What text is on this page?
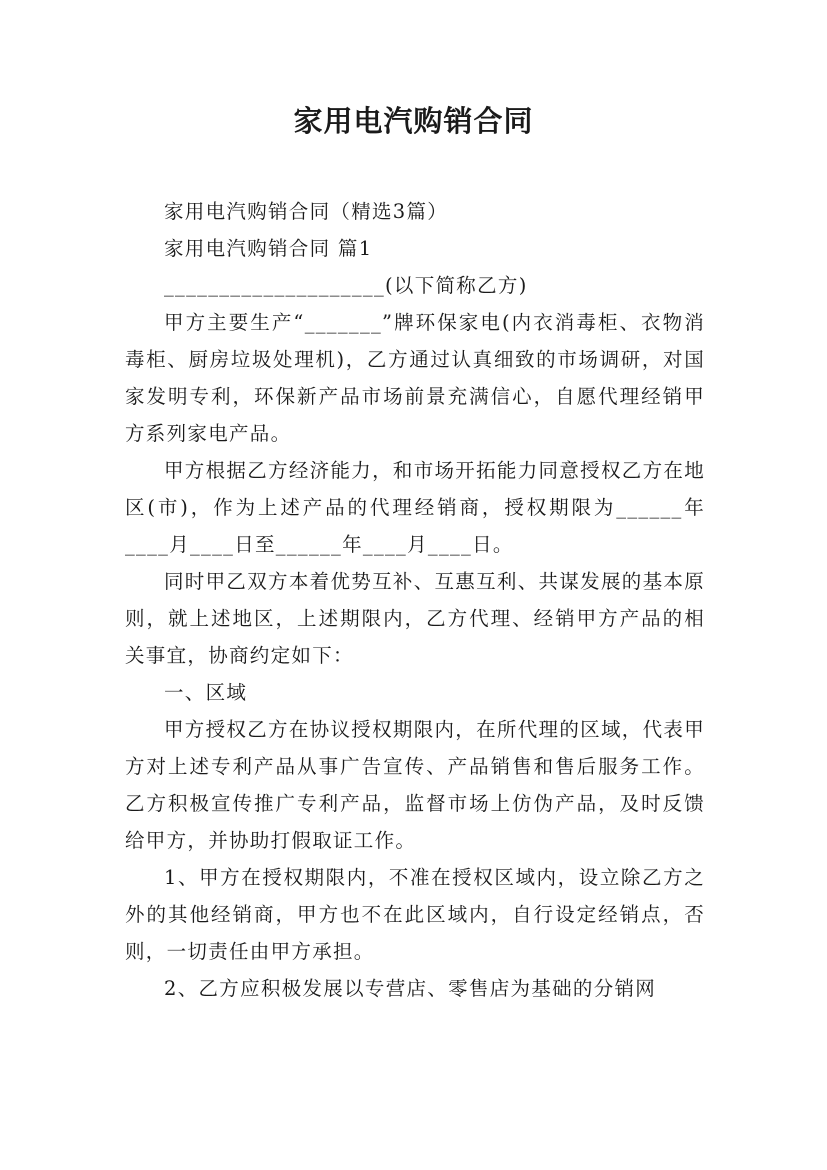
家用电汽购销合同

家用电汽购销合同（精选3篇）

家用电汽购销合同 篇1

____________________(以下简称乙方)

甲方主要生产“_______”牌环保家电(内衣消毒柜、衣物消毒柜、厨房垃圾处理机)，乙方通过认真细致的市场调研，对国家发明专利，环保新产品市场前景充满信心，自愿代理经销甲方系列家电产品。

甲方根据乙方经济能力，和市场开拓能力同意授权乙方在地区(市)，作为上述产品的代理经销商，授权期限为______年____月____日至______年____月____日。

同时甲乙双方本着优势互补、互惠互利、共谋发展的基本原则，就上述地区，上述期限内，乙方代理、经销甲方产品的相关事宜，协商约定如下：

一、区域

甲方授权乙方在协议授权期限内，在所代理的区域，代表甲方对上述专利产品从事广告宣传、产品销售和售后服务工作。乙方积极宣传推广专利产品，监督市场上仿伪产品，及时反馈给甲方，并协助打假取证工作。

1、甲方在授权期限内，不准在授权区域内，设立除乙方之外的其他经销商，甲方也不在此区域内，自行设定经销点，否则，一切责任由甲方承担。

2、乙方应积极发展以专营店、零售店为基础的分销网
